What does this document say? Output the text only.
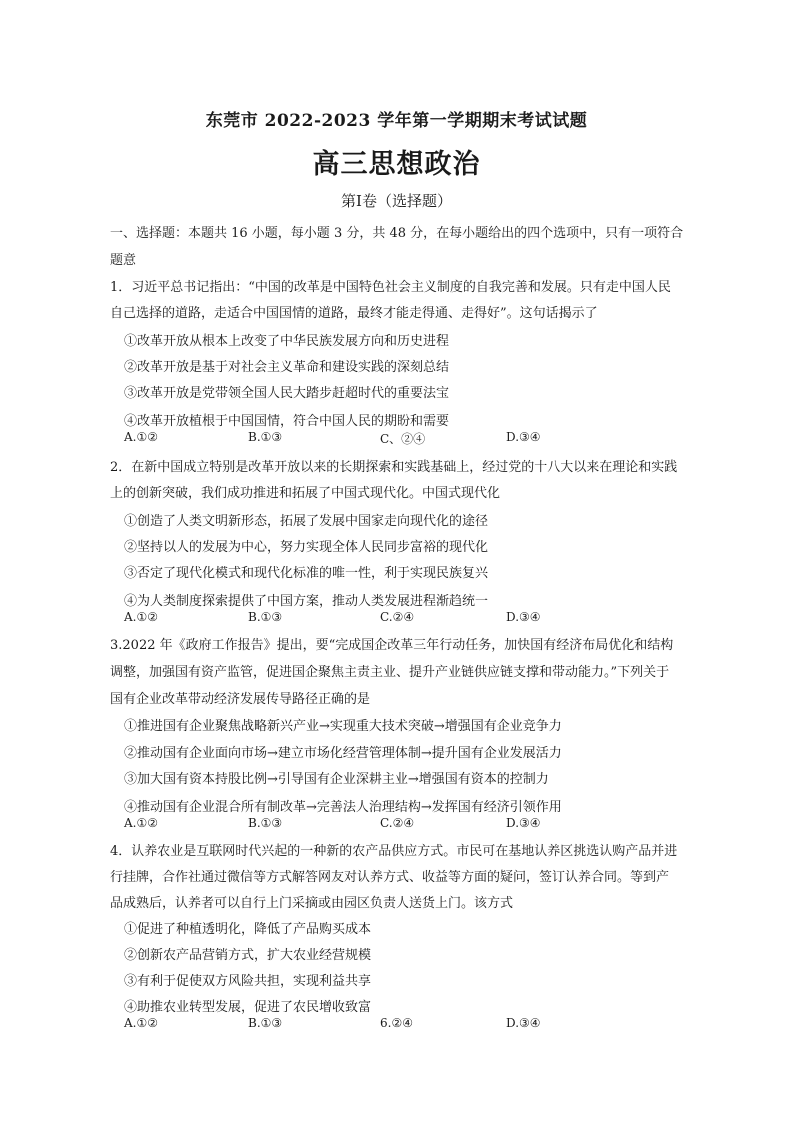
东莞市 2022-2023 学年第一学期期末考试试题
高三思想政治
第Ⅰ卷（选择题）
一、选择题：本题共 16 小题，每小题 3 分，共 48 分，在每小题给出的四个选项中，只有一项符合
题意
1．习近平总书记指出：“中国的改革是中国特色社会主义制度的自我完善和发展。只有走中国人民
自己选择的道路，走适合中国国情的道路，最终才能走得通、走得好”。这句话揭示了
①改革开放从根本上改变了中华民族发展方向和历史进程
②改革开放是基于对社会主义革命和建设实践的深刻总结
③改革开放是党带领全国人民大踏步赶超时代的重要法宝
④改革开放植根于中国国情，符合中国人民的期盼和需要
A.①②	B.①③	C、②④	D.③④
2．在新中国成立特别是改革开放以来的长期探索和实践基础上，经过党的十八大以来在理论和实践
上的创新突破，我们成功推进和拓展了中国式现代化。中国式现代化
①创造了人类文明新形态，拓展了发展中国家走向现代化的途径
②坚持以人的发展为中心，努力实现全体人民同步富裕的现代化
③否定了现代化模式和现代化标准的唯一性，利于实现民族复兴
④为人类制度探索提供了中国方案，推动人类发展进程渐趋统一
A.①②	B.①③	C.②④	D.③④
3.2022 年《政府工作报告》提出，要“完成国企改革三年行动任务，加快国有经济布局优化和结构
调整，加强国有资产监管，促进国企聚焦主责主业、提升产业链供应链支撑和带动能力。”下列关于
国有企业改革带动经济发展传导路径正确的是
①推进国有企业聚焦战略新兴产业→实现重大技术突破→增强国有企业竞争力
②推动国有企业面向市场→建立市场化经营管理体制→提升国有企业发展活力
③加大国有资本持股比例→引导国有企业深耕主业→增强国有资本的控制力
④推动国有企业混合所有制改革→完善法人治理结构→发挥国有经济引领作用
A.①②	B.①③	C.②④	D.③④
4．认养农业是互联网时代兴起的一种新的农产品供应方式。市民可在基地认养区挑选认购产品并进
行挂牌，合作社通过微信等方式解答网友对认养方式、收益等方面的疑问，签订认养合同。等到产
品成熟后，认养者可以自行上门采摘或由园区负责人送货上门。该方式
①促进了种植透明化，降低了产品购买成本
②创新农产品营销方式，扩大农业经营规模
③有利于促使双方风险共担，实现利益共享
④助推农业转型发展，促进了农民增收致富
A.①②	B.①③	6.②④	D.③④
